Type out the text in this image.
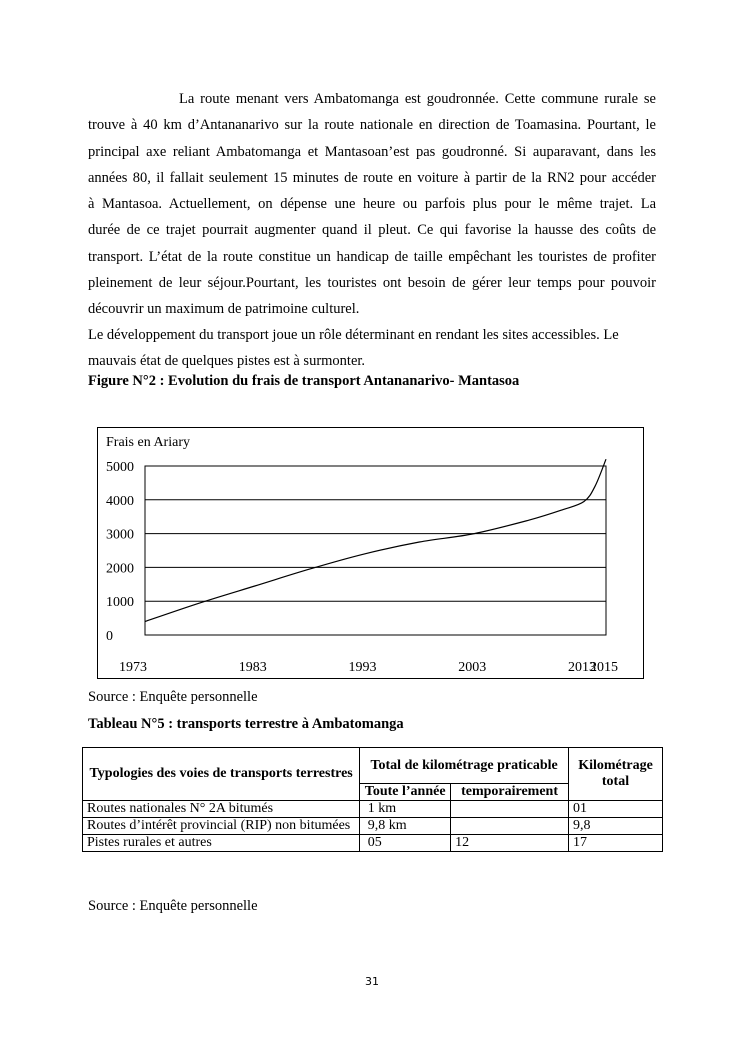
La route menant vers Ambatomanga est goudronnée. Cette commune rurale se
trouve à 40 km d’Antananarivo sur la route nationale en direction de Toamasina. Pourtant, le
principal axe reliant Ambatomanga et Mantasoan’est pas goudronné. Si auparavant, dans les
années 80, il fallait seulement 15 minutes de route en voiture à partir de la RN2 pour accéder
à Mantasoa. Actuellement, on dépense une heure ou parfois plus pour le même trajet. La
durée de ce trajet pourrait augmenter quand il pleut. Ce qui favorise la hausse des coûts de
transport. L’état de la route constitue un handicap de taille empêchant les touristes de profiter
pleinement de leur séjour.Pourtant, les touristes ont besoin de gérer leur temps pour pouvoir
découvrir un maximum de patrimoine culturel.
Le développement du transport joue un rôle déterminant en rendant les sites accessibles. Le
mauvais état de quelques pistes est à surmonter.

Figure N°2 : Evolution du frais de transport Antananarivo- Mantasoa

Frais en Ariary
5000
4000
3000
2000
1000
0
1973	1983	1993	2003	2013
2015

Source : Enquête personnelle

Tableau N°5 : transports terrestre à Ambatomanga

Typologies des voies de transports terrestres	Total de kilométrage praticable		Kilométrage total
	Toute l’année	temporairement	
Routes nationales N° 2A bitumés	1 km		01
Routes d’intérêt provincial (RIP) non bitumées	9,8 km		9,8
Pistes rurales et autres	05	12	17

Source : Enquête personnelle

31
